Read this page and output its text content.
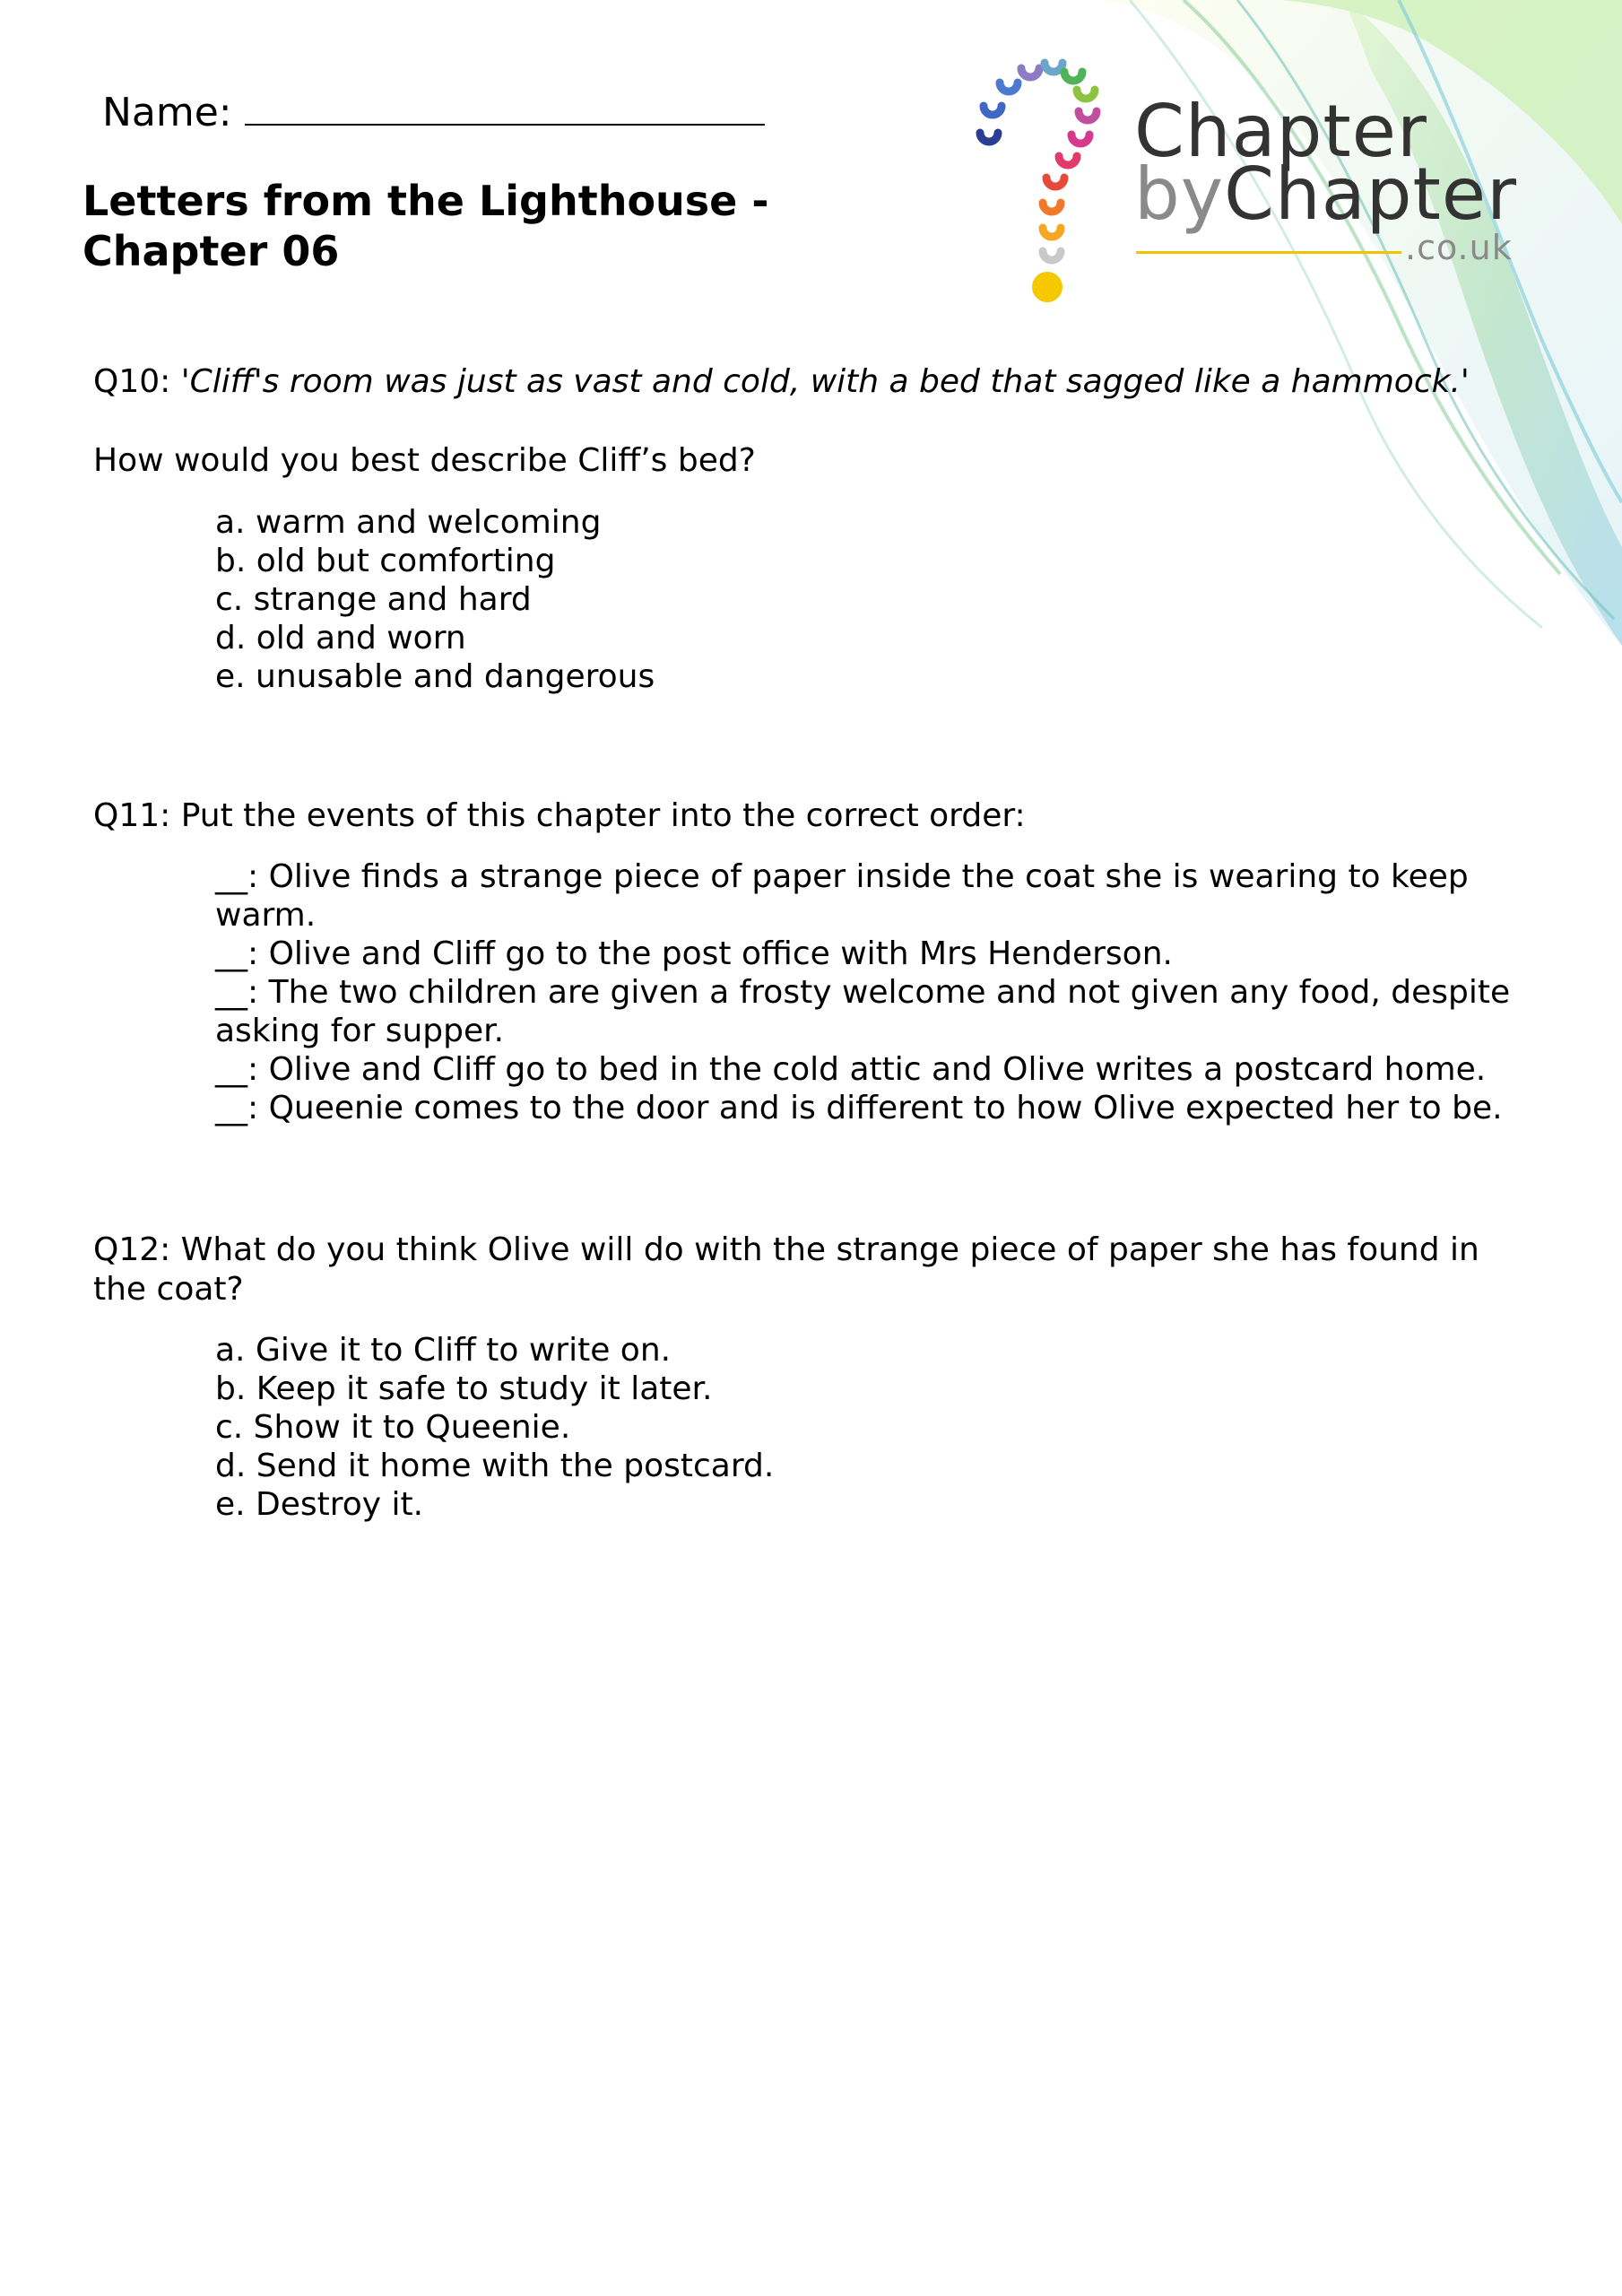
Name:
Letters from the Lighthouse -
Chapter 06
Chapter
byChapter
.co.uk
Q10: 'Cliff's room was just as vast and cold, with a bed that sagged like a hammock.'
How would you best describe Cliff’s bed?
a. warm and welcoming
b. old but comforting
c. strange and hard
d. old and worn
e. unusable and dangerous
Q11: Put the events of this chapter into the correct order:
__: Olive finds a strange piece of paper inside the coat she is wearing to keep warm.
__: Olive and Cliff go to the post office with Mrs Henderson.
__: The two children are given a frosty welcome and not given any food, despite asking for supper.
__: Olive and Cliff go to bed in the cold attic and Olive writes a postcard home.
__: Queenie comes to the door and is different to how Olive expected her to be.
Q12: What do you think Olive will do with the strange piece of paper she has found in the coat?
a. Give it to Cliff to write on.
b. Keep it safe to study it later.
c. Show it to Queenie.
d. Send it home with the postcard.
e. Destroy it.
